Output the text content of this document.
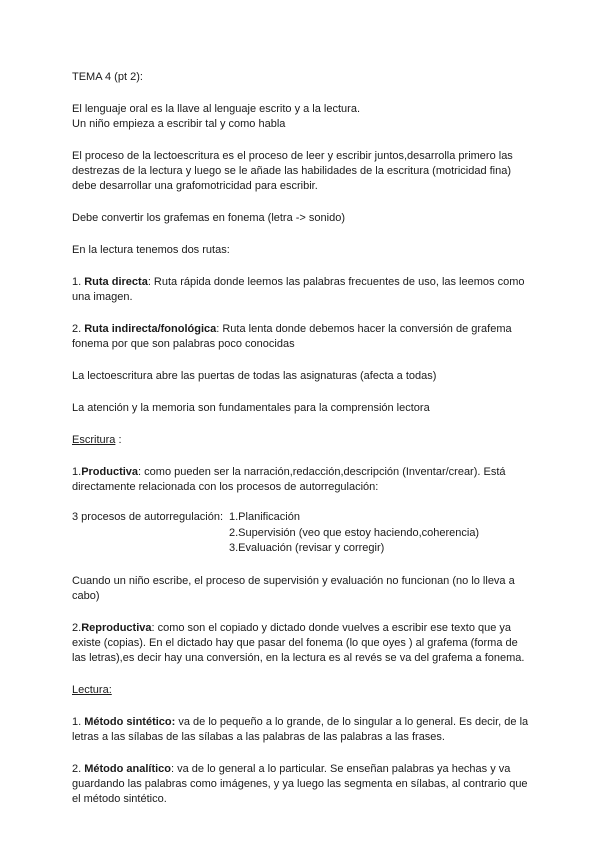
TEMA 4 (pt 2):

El lenguaje oral es la llave al lenguaje escrito y a la lectura.

Un niño empieza a escribir tal y como habla

El proceso de la lectoescritura es el proceso de leer y escribir juntos,desarrolla primero las destrezas de la lectura y luego se le añade las habilidades de la escritura (motricidad fina) debe desarrollar una grafomotricidad para escribir.

Debe convertir los grafemas en fonema (letra -> sonido)

En la lectura tenemos dos rutas:

1. Ruta directa: Ruta rápida donde leemos las palabras frecuentes de uso, las leemos como una imagen.

2. Ruta indirecta/fonológica: Ruta lenta donde debemos hacer la conversión de grafema fonema por que son palabras poco conocidas

La lectoescritura abre las puertas de todas las asignaturas (afecta a todas)

La atención y la memoria son fundamentales para la comprensión lectora

Escritura :

1.Productiva: como pueden ser la narración,redacción,descripción (Inventar/crear). Está directamente relacionada con los procesos de autorregulación:

3 procesos de autorregulación: 1.Planificación
2.Supervisión (veo que estoy haciendo,coherencia)
3.Evaluación (revisar y corregir)

Cuando un niño escribe, el proceso de supervisión y evaluación no funcionan (no lo lleva a cabo)

2.Reproductiva: como son el copiado y dictado donde vuelves a escribir ese texto que ya existe (copias). En el dictado hay que pasar del fonema (lo que oyes ) al grafema (forma de las letras),es decir hay una conversión, en la lectura es al revés se va del grafema a fonema.

Lectura:

1. Método sintético: va de lo pequeño a lo grande, de lo singular a lo general. Es decir, de la letras a las sílabas de las sílabas a las palabras de las palabras a las frases.

2. Método analítico: va de lo general a lo particular. Se enseñan palabras ya hechas y va guardando las palabras como imágenes, y ya luego las segmenta en sílabas, al contrario que el método sintético.
